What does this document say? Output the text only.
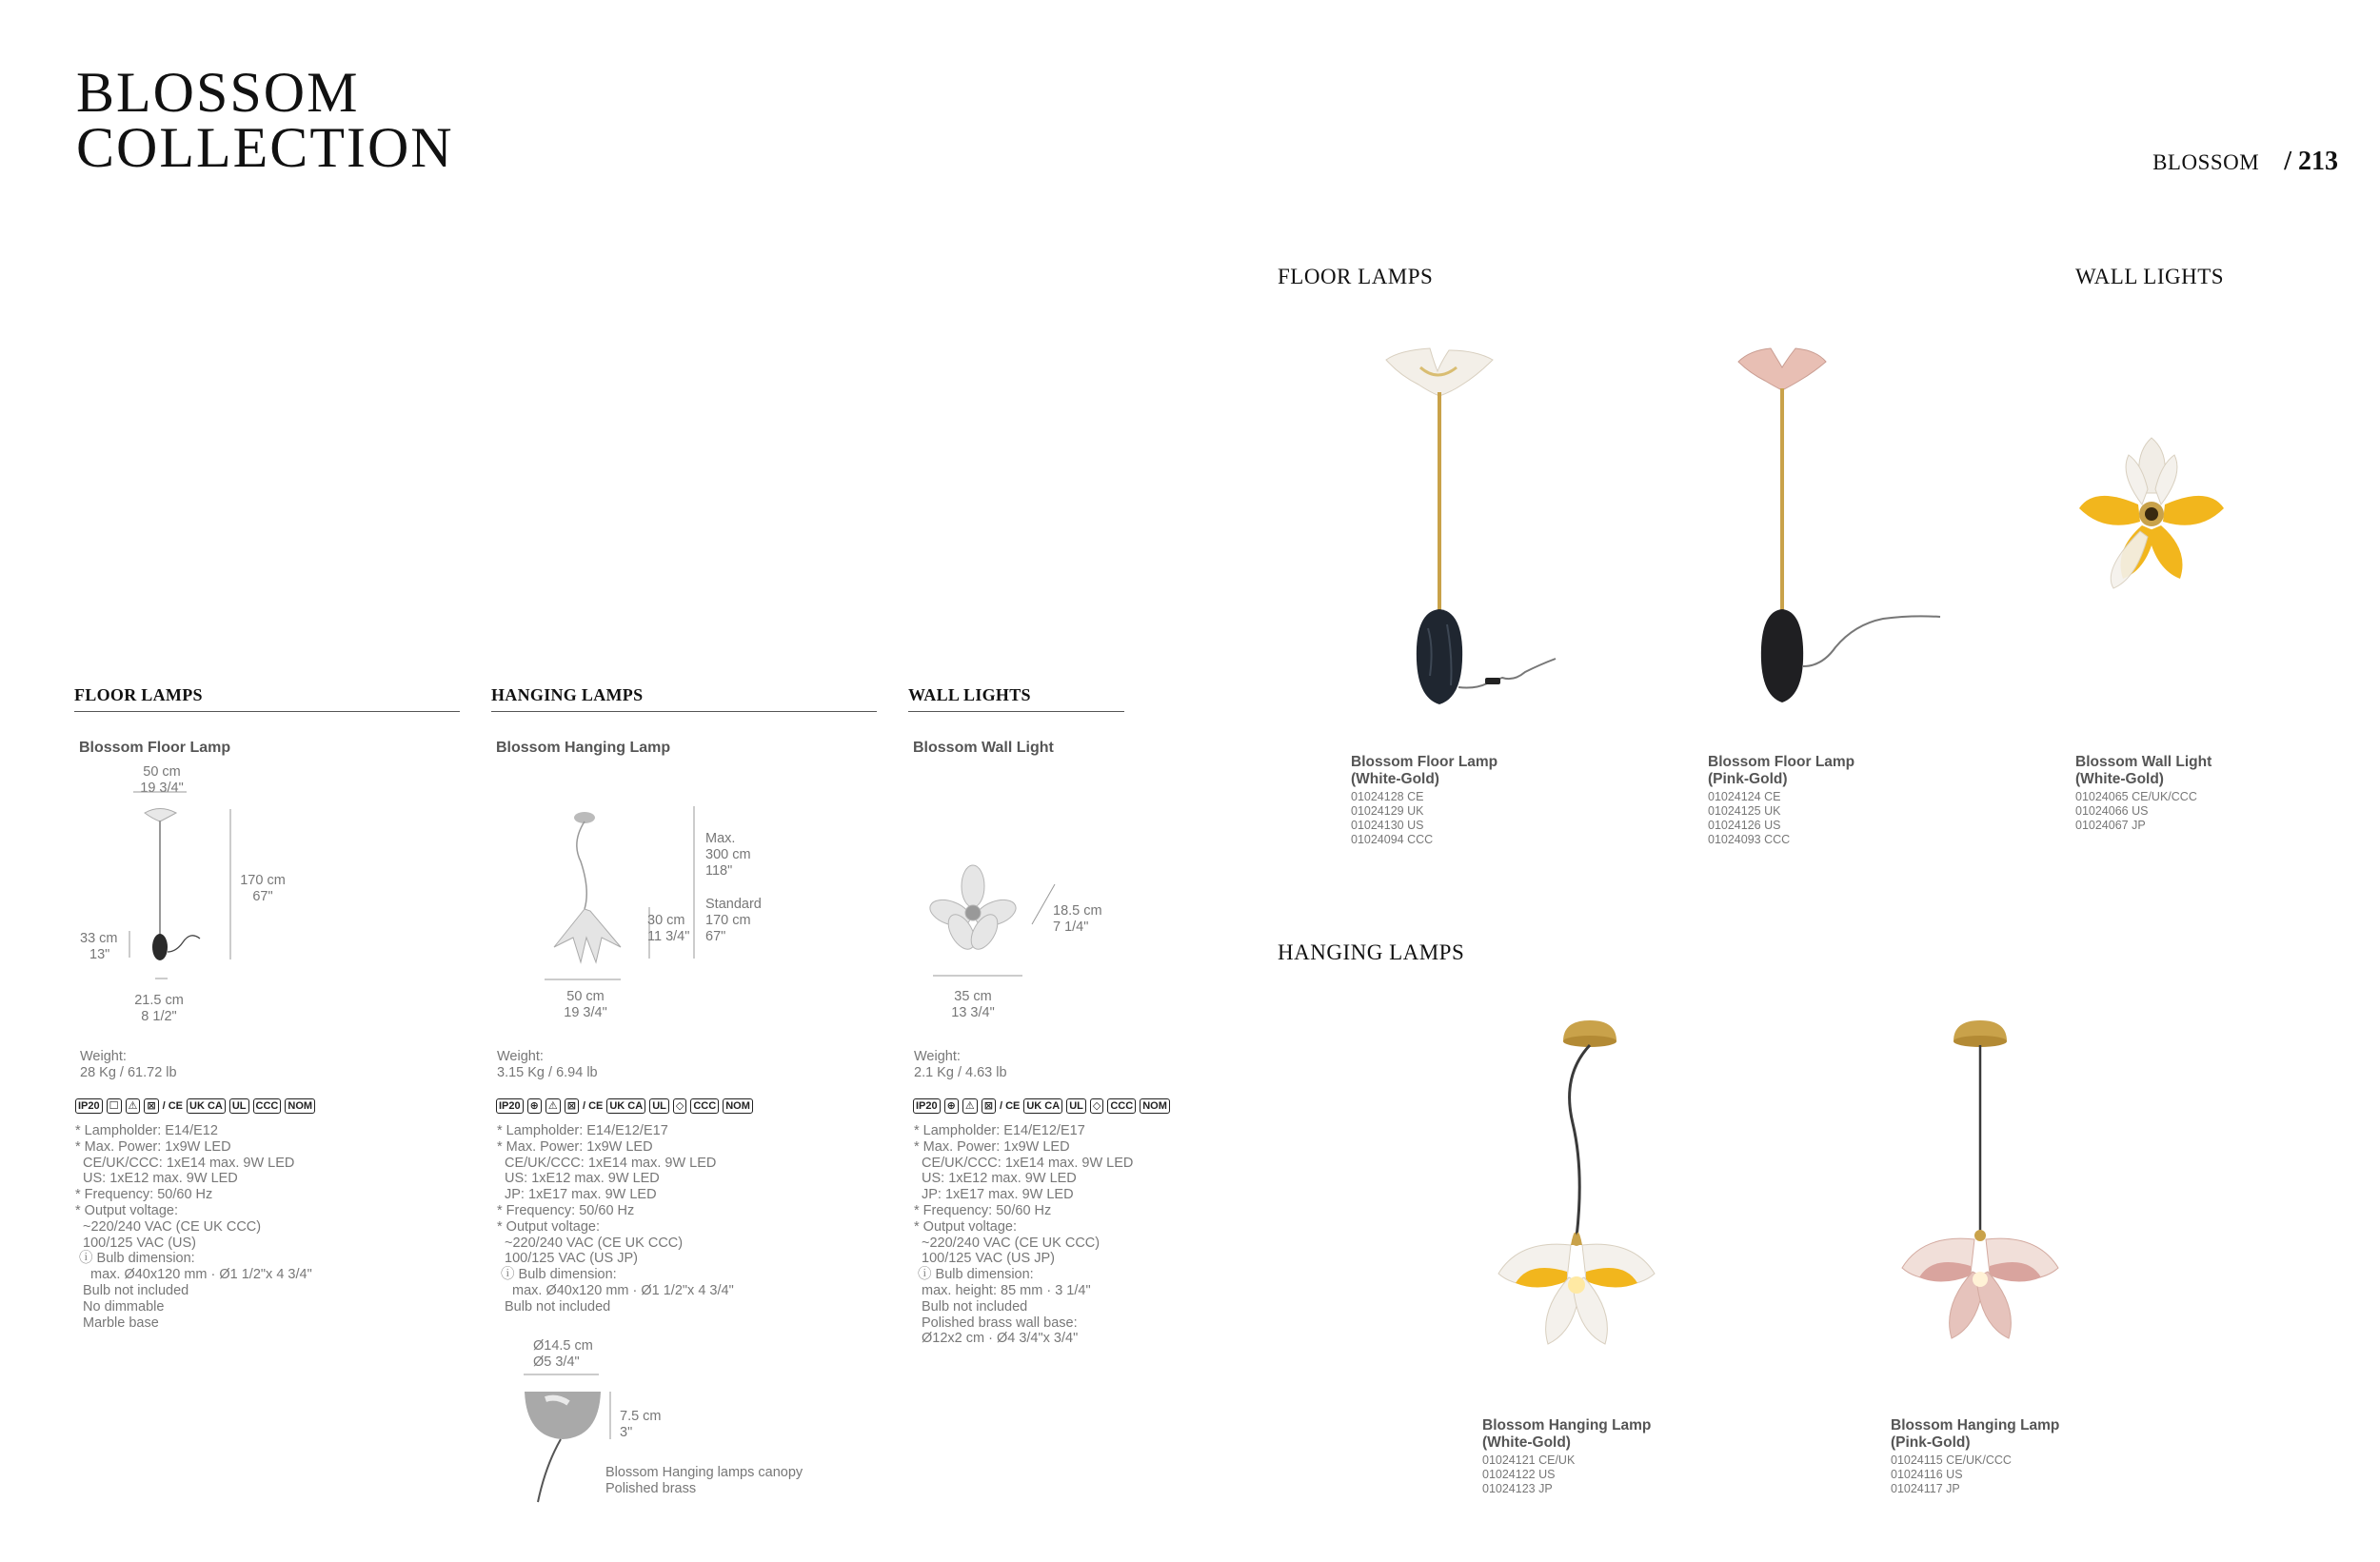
BLOSSOM
COLLECTION	BLOSSOM / 213
FLOOR LAMPS	HANGING LAMPS	WALL LIGHTS
Blossom Floor Lamp
50 cm
19 3/4"
170 cm
67"
33 cm
13"
21.5 cm
8 1/2"
Weight:
28 Kg / 61.72 lb
IP20 ☐ ⚠ ⊠ / CE UK CA UL CCC NOM
* Lampholder: E14/E12
* Max. Power: 1x9W LED
CE/UK/CCC: 1xE14 max. 9W LED
US: 1xE12 max. 9W LED
* Frequency: 50/60 Hz
* Output voltage:
~220/240 VAC (CE UK CCC)
100/125 VAC (US)
ⓘ Bulb dimension:
max. Ø40x120 mm · Ø1 1/2"x 4 3/4"
Bulb not included
No dimmable
Marble base
Blossom Hanging Lamp
Max.
300 cm
118"
Standard
170 cm
67"
30 cm
11 3/4"
50 cm
19 3/4"
Weight:
3.15 Kg / 6.94 lb
IP20 ⊕ ⚠ ⊠ / CE UK CA UL ◇ CCC NOM
* Lampholder: E14/E12/E17
* Max. Power: 1x9W LED
CE/UK/CCC: 1xE14 max. 9W LED
US: 1xE12 max. 9W LED
JP: 1xE17 max. 9W LED
* Frequency: 50/60 Hz
* Output voltage:
~220/240 VAC (CE UK CCC)
100/125 VAC (US JP)
ⓘ Bulb dimension:
max. Ø40x120 mm · Ø1 1/2"x 4 3/4"
Bulb not included
Ø14.5 cm
Ø5 3/4"
7.5 cm
3"
Blossom Hanging lamps canopy
Polished brass
Blossom Wall Light
18.5 cm
7 1/4"
35 cm
13 3/4"
Weight:
2.1 Kg / 4.63 lb
IP20 ⊕ ⚠ ⊠ / CE UK CA UL ◇ CCC NOM
* Lampholder: E14/E12/E17
* Max. Power: 1x9W LED
CE/UK/CCC: 1xE14 max. 9W LED
US: 1xE12 max. 9W LED
JP: 1xE17 max. 9W LED
* Frequency: 50/60 Hz
* Output voltage:
~220/240 VAC (CE UK CCC)
100/125 VAC (US JP)
ⓘ Bulb dimension:
max. height: 85 mm · 3 1/4"
Bulb not included
Polished brass wall base:
Ø12x2 cm · Ø4 3/4"x 3/4"
FLOOR LAMPS	WALL LIGHTS
HANGING LAMPS
Blossom Floor Lamp
(White-Gold)
01024128 CE
01024129 UK
01024130 US
01024094 CCC
Blossom Floor Lamp
(Pink-Gold)
01024124 CE
01024125 UK
01024126 US
01024093 CCC
Blossom Wall Light
(White-Gold)
01024065 CE/UK/CCC
01024066 US
01024067 JP
Blossom Hanging Lamp
(White-Gold)
01024121 CE/UK
01024122 US
01024123 JP
Blossom Hanging Lamp
(Pink-Gold)
01024115 CE/UK/CCC
01024116 US
01024117 JP
